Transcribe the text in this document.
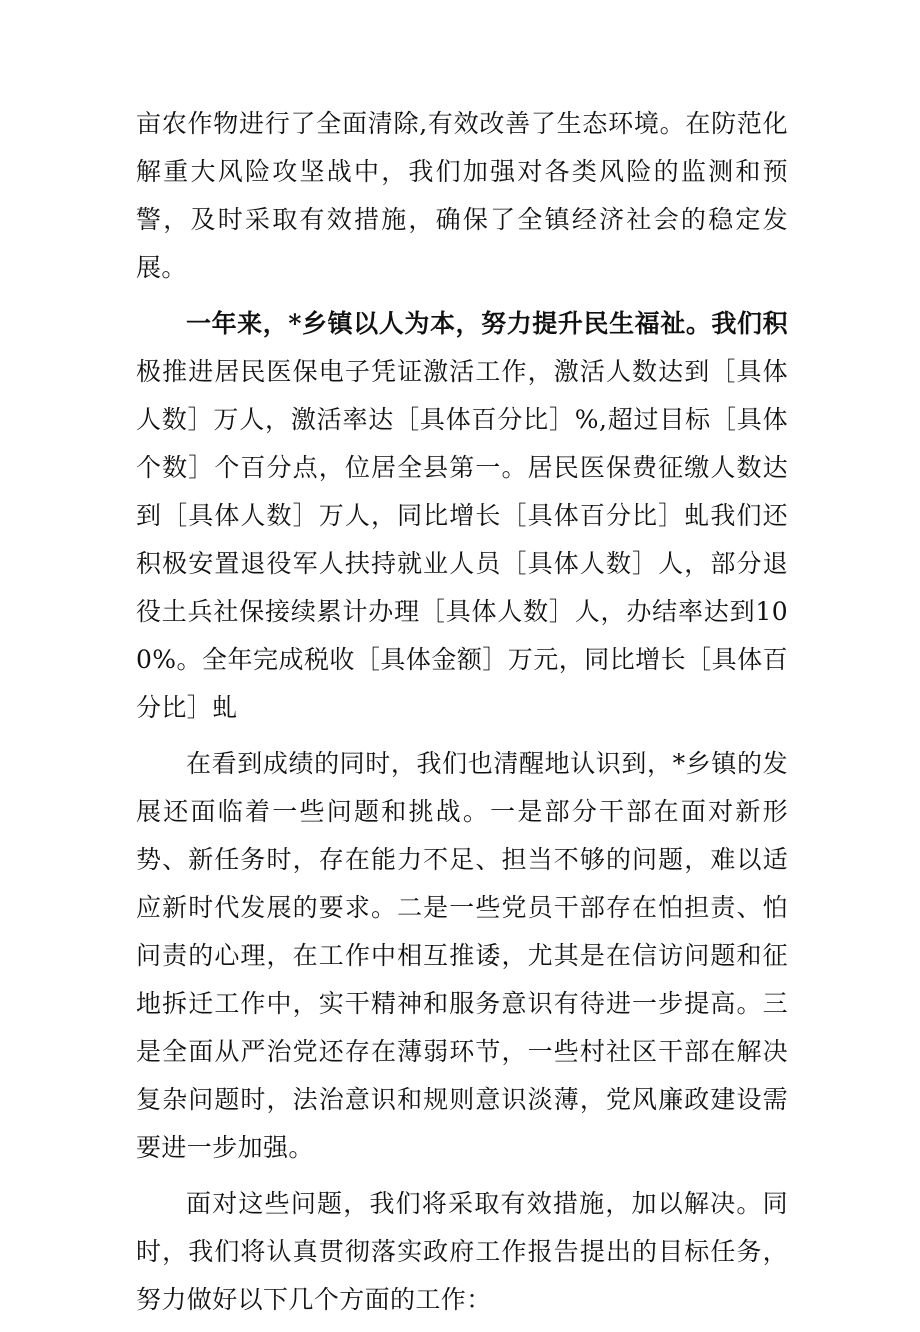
亩农作物进行了全面清除,有效改善了生态环境。在防范化解重大风险攻坚战中，我们加强对各类风险的监测和预警，及时采取有效措施，确保了全镇经济社会的稳定发展。

一年来，*乡镇以人为本，努力提升民生福祉。我们积极推进居民医保电子凭证激活工作，激活人数达到［具体人数］万人，激活率达［具体百分比］%,超过目标［具体个数］个百分点，位居全县第一。居民医保费征缴人数达到［具体人数］万人，同比增长［具体百分比］虬我们还积极安置退役军人扶持就业人员［具体人数］人，部分退役土兵社保接续累计办理［具体人数］人，办结率达到100%。全年完成税收［具体金额］万元，同比增长［具体百分比］虬

在看到成绩的同时，我们也清醒地认识到，*乡镇的发展还面临着一些问题和挑战。一是部分干部在面对新形势、新任务时，存在能力不足、担当不够的问题，难以适应新时代发展的要求。二是一些党员干部存在怕担责、怕问责的心理，在工作中相互推诿，尤其是在信访问题和征地拆迁工作中，实干精神和服务意识有待进一步提高。三是全面从严治党还存在薄弱环节，一些村社区干部在解决复杂问题时，法治意识和规则意识淡薄，党风廉政建设需要进一步加强。

面对这些问题，我们将采取有效措施，加以解决。同时，我们将认真贯彻落实政府工作报告提出的目标任务，努力做好以下几个方面的工作：
